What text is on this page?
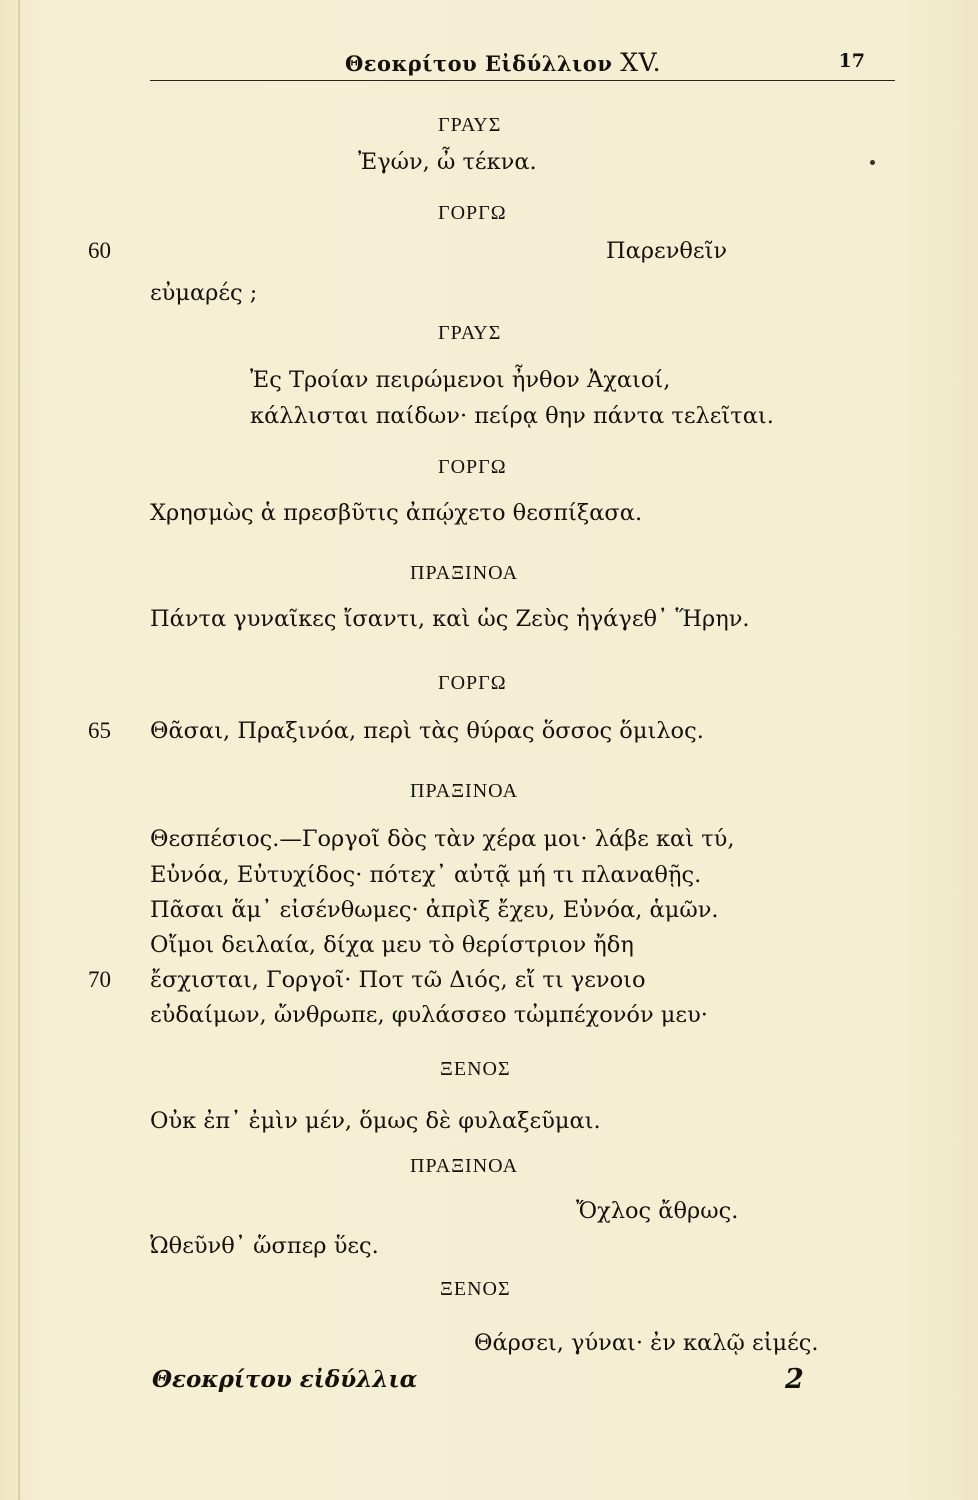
Θεοκρίτου Εἰδύλλιον XV.	17
ΓΡΑΥΣ
Ἐγών, ὦ τέκνα.
ΓΟΡΓΩ
60	Παρενθεῖν
εὐμαρές ;
ΓΡΑΥΣ
Ἐς Τροίαν πειρώμενοι ἦνθον Ἀχαιοί,
κάλλισται παίδων· πείρᾳ θην πάντα τελεῖται.
ΓΟΡΓΩ
Χρησμὼς ἁ πρεσβῦτις ἀπῴχετο θεσπίξασα.
ΠΡΑΞΙΝΟΑ
Πάντα γυναῖκες ἴσαντι, καὶ ὡς Ζεὺς ἠγάγεθ᾽ Ἥρην.
ΓΟΡΓΩ
65 Θᾶσαι, Πραξινόα, περὶ τὰς θύρας ὅσσος ὅμιλος.
ΠΡΑΞΙΝΟΑ
Θεσπέσιος.—Γοργοῖ δὸς τὰν χέρα μοι· λάβε καὶ τύ,
Εὐνόα, Εὐτυχίδος· πότεχ᾽ αὐτᾷ μή τι πλαναθῇς.
Πᾶσαι ἅμ᾽ εἰσένθωμες· ἀπρὶξ ἔχευ, Εὐνόα, ἁμῶν.
Οἴμοι δειλαία, δίχα μευ τὸ θερίστριον ἤδη
70 ἔσχισται, Γοργοῖ· Ποτ τῶ Διός, εἴ τι γενοιο
εὐδαίμων, ὤνθρωπε, φυλάσσεο τὠμπέχονόν μευ·
ΞΕΝΟΣ
Οὐκ ἐπ᾽ ἐμὶν μέν, ὅμως δὲ φυλαξεῦμαι.
ΠΡΑΞΙΝΟΑ
Ὄχλος ἄθρως.
Ὠθεῦνθ᾽ ὥσπερ ὕες.
ΞΕΝΟΣ
Θάρσει, γύναι· ἐν καλῷ εἰμές.
Θεοκρίτου εἰδύλλια	2
